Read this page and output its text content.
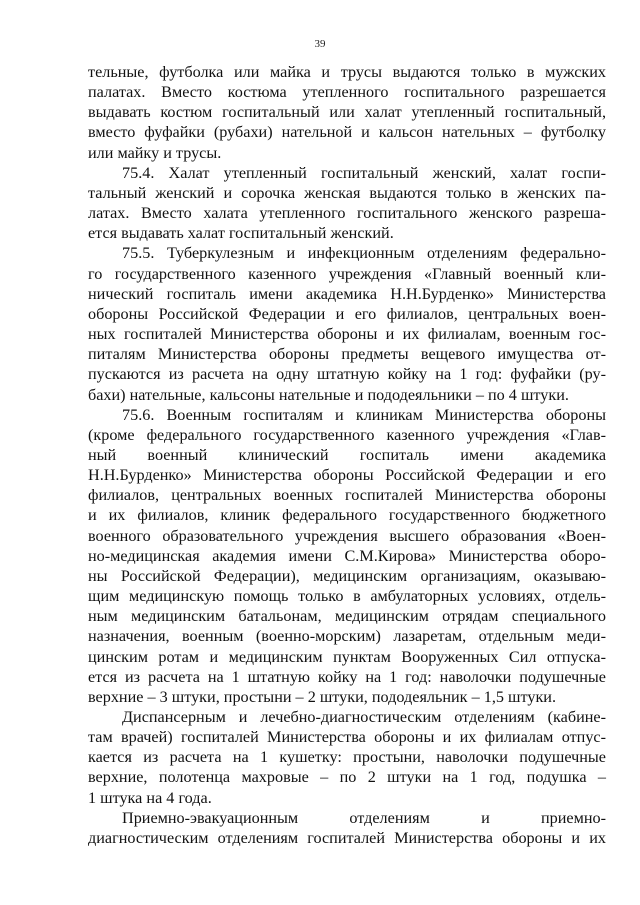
39
тельные, футболка или майка и трусы выдаются только в мужских
палатах. Вместо костюма утепленного госпитального разрешается
выдавать костюм госпитальный или халат утепленный госпитальный,
вместо фуфайки (рубахи) нательной и кальсон нательных – футболку
или майку и трусы.
75.4. Халат утепленный госпитальный женский, халат госпи-
тальный женский и сорочка женская выдаются только в женских па-
латах. Вместо халата утепленного госпитального женского разреша-
ется выдавать халат госпитальный женский.
75.5. Туберкулезным и инфекционным отделениям федерально-
го государственного казенного учреждения «Главный военный кли-
нический госпиталь имени академика Н.Н.Бурденко» Министерства
обороны Российской Федерации и его филиалов, центральных воен-
ных госпиталей Министерства обороны и их филиалам, военным гос-
питалям Министерства обороны предметы вещевого имущества от-
пускаются из расчета на одну штатную койку на 1 год: фуфайки (ру-
бахи) нательные, кальсоны нательные и пододеяльники – по 4 штуки.
75.6. Военным госпиталям и клиникам Министерства обороны
(кроме федерального государственного казенного учреждения «Глав-
ный военный клинический госпиталь имени академика
Н.Н.Бурденко» Министерства обороны Российской Федерации и его
филиалов, центральных военных госпиталей Министерства обороны
и их филиалов, клиник федерального государственного бюджетного
военного образовательного учреждения высшего образования «Воен-
но-медицинская академия имени С.М.Кирова» Министерства оборо-
ны Российской Федерации), медицинским организациям, оказываю-
щим медицинскую помощь только в амбулаторных условиях, отдель-
ным медицинским батальонам, медицинским отрядам специального
назначения, военным (военно-морским) лазаретам, отдельным меди-
цинским ротам и медицинским пунктам Вооруженных Сил отпуска-
ется из расчета на 1 штатную койку на 1 год: наволочки подушечные
верхние – 3 штуки, простыни – 2 штуки, пододеяльник – 1,5 штуки.
Диспансерным и лечебно-диагностическим отделениям (кабине-
там врачей) госпиталей Министерства обороны и их филиалам отпус-
кается из расчета на 1 кушетку: простыни, наволочки подушечные
верхние, полотенца махровые – по 2 штуки на 1 год, подушка –
1 штука на 4 года.
Приемно-эвакуационным отделениям и приемно-
диагностическим отделениям госпиталей Министерства обороны и их
